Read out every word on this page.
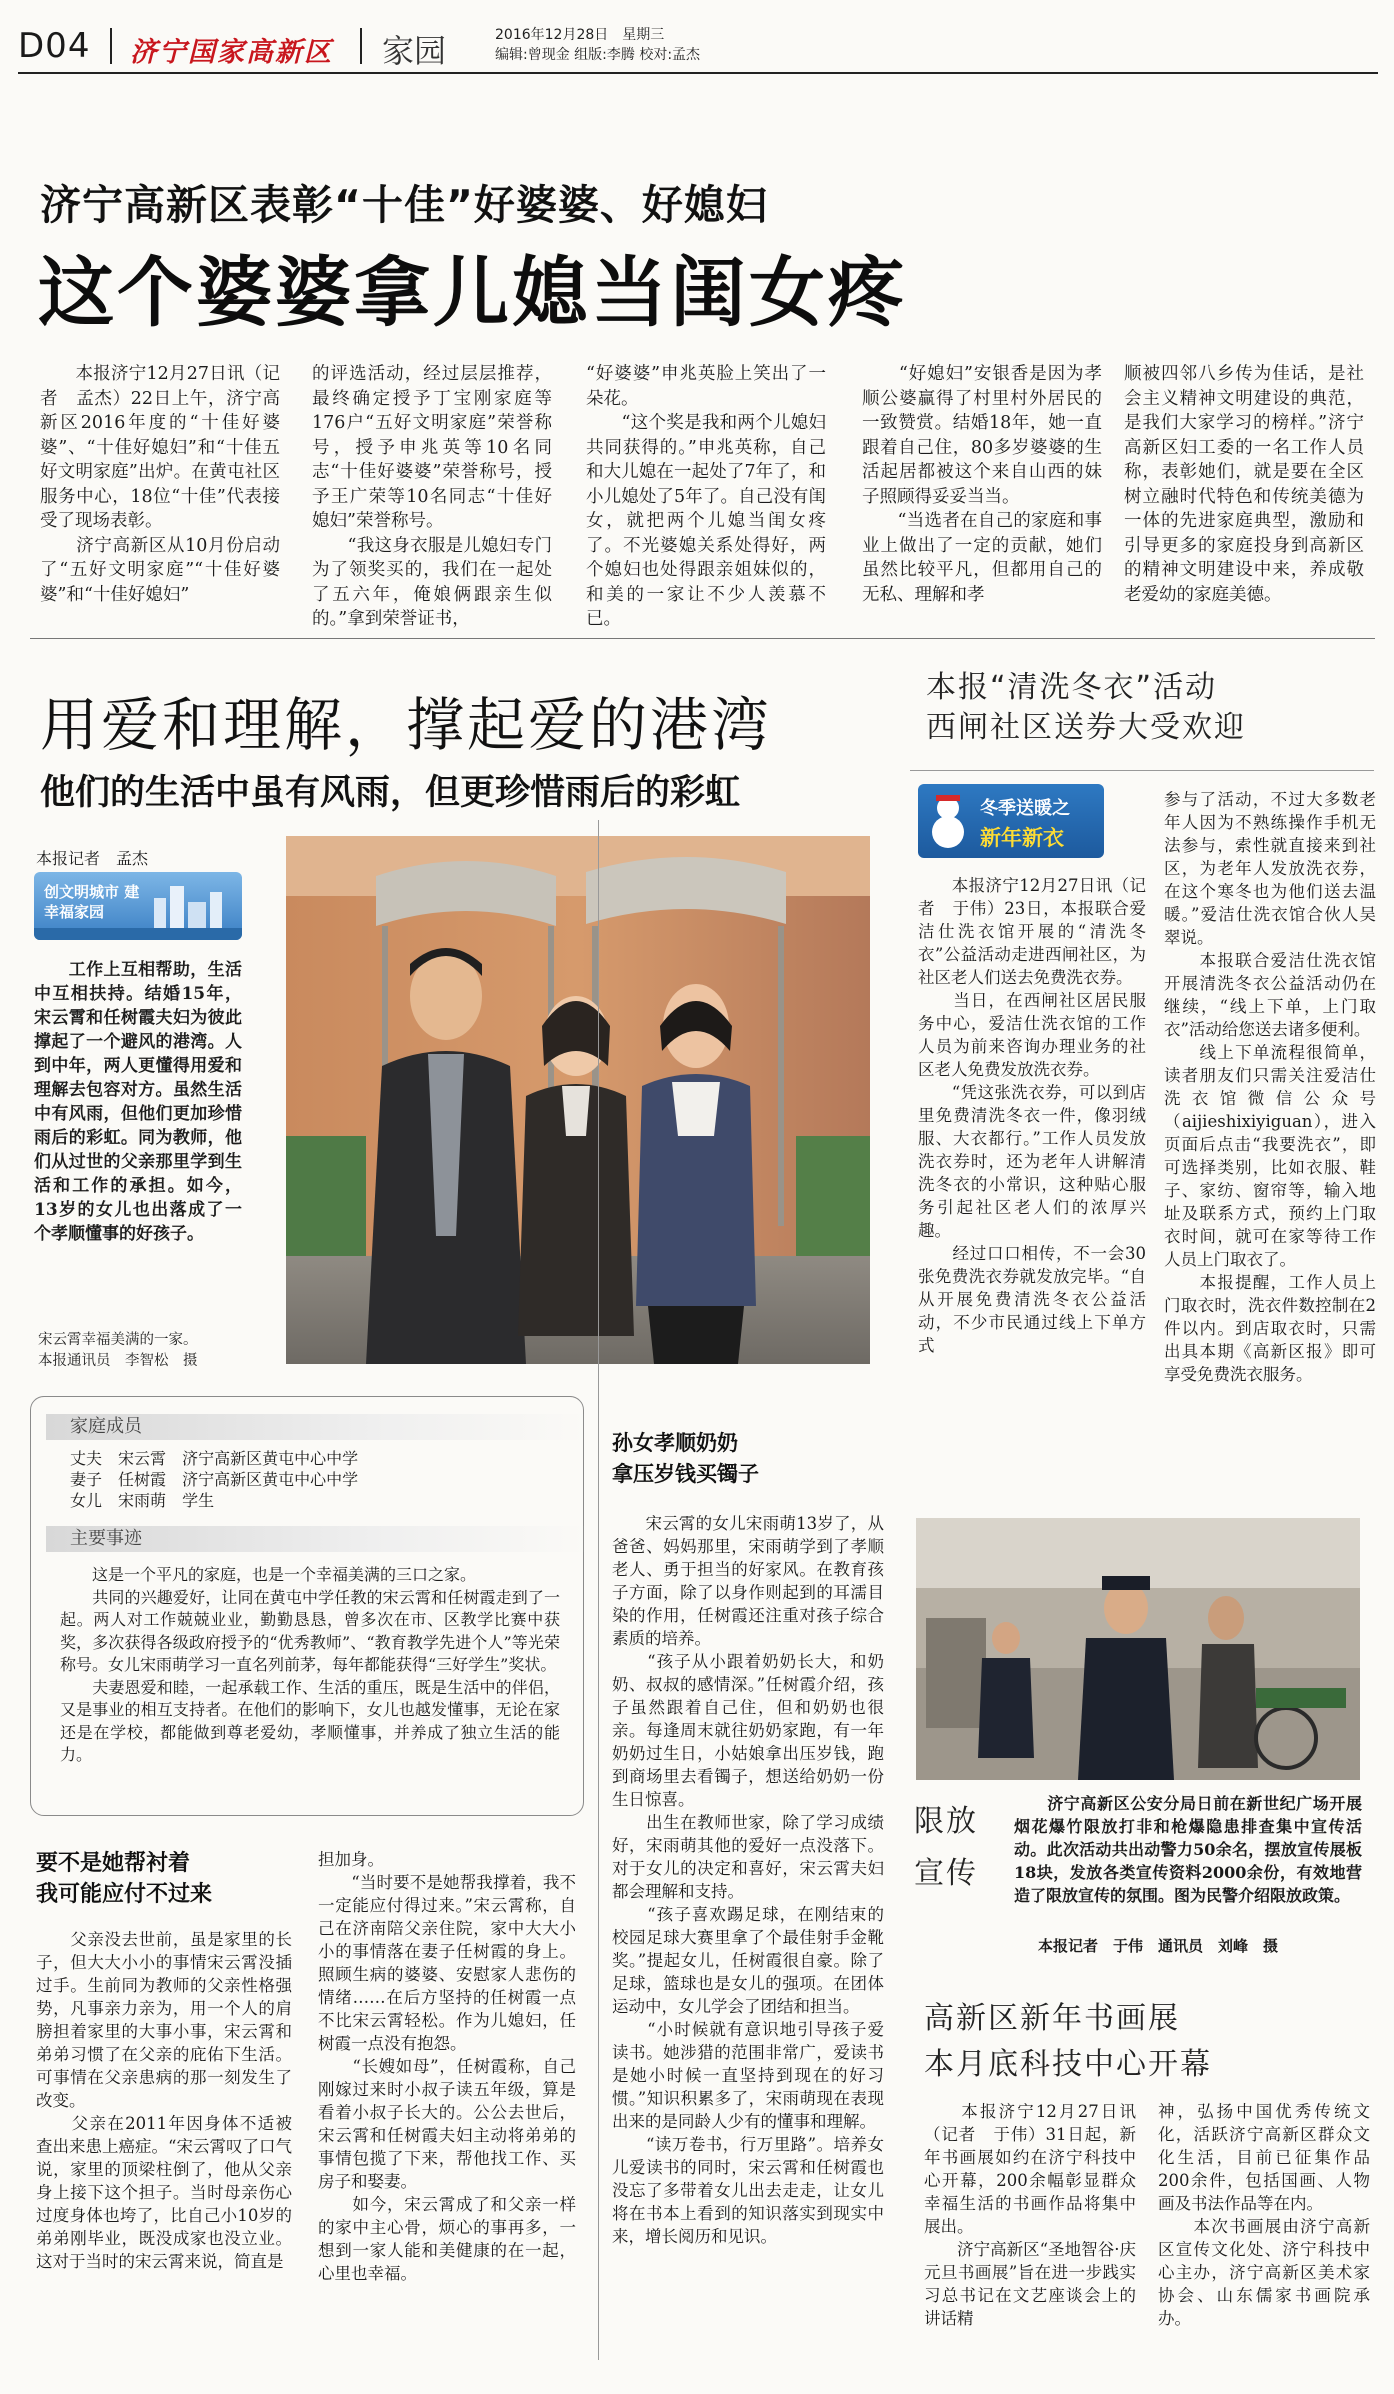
D04 济宁国家高新区 家园	2016年12月28日　 星期三
编辑:曾现金 组版:李腾 校对:孟杰
济宁高新区表彰“十佳”好婆婆、好媳妇
这个婆婆拿儿媳当闺女疼
　　本报济宁12月27日讯（记者　孟杰）22日上午，济宁高新区2016年度的“十佳好婆婆”、“十佳好媳妇”和“十佳五好文明家庭”出炉。在黄屯社区服务中心，18位“十佳”代表接受了现场表彰。
　　济宁高新区从10月份启动了“五好文明家庭”“十佳好婆婆”和“十佳好媳妇”
的评选活动，经过层层推荐，最终确定授予丁宝刚家庭等176户“五好文明家庭”荣誉称号，授予申兆英等10名同志“十佳好婆婆”荣誉称号，授予王广荣等10名同志“十佳好媳妇”荣誉称号。
　　“我这身衣服是儿媳妇专门为了领奖买的，我们在一起处了五六年，俺娘俩跟亲生似的。”拿到荣誉证书，
“好婆婆”申兆英脸上笑出了一朵花。
　　“这个奖是我和两个儿媳妇共同获得的。”申兆英称，自己和大儿媳在一起处了7年了，和小儿媳处了5年了。自己没有闺女，就把两个儿媳当闺女疼了。不光婆媳关系处得好，两个媳妇也处得跟亲姐妹似的，和美的一家让不少人羡慕不已。
　　“好媳妇”安银香是因为孝顺公婆赢得了村里村外居民的一致赞赏。结婚18年，她一直跟着自己住，80多岁婆婆的生活起居都被这个来自山西的妹子照顾得妥妥当当。
　　“当选者在自己的家庭和事业上做出了一定的贡献，她们虽然比较平凡，但都用自己的无私、理解和孝
顺被四邻八乡传为佳话，是社会主义精神文明建设的典范，是我们大家学习的榜样。”济宁高新区妇工委的一名工作人员称，表彰她们，就是要在全区树立融时代特色和传统美德为一体的先进家庭典型，激励和引导更多的家庭投身到高新区的精神文明建设中来，养成敬老爱幼的家庭美德。
用爱和理解，撑起爱的港湾
他们的生活中虽有风雨，但更珍惜雨后的彩虹
本报记者　孟杰
创文明城市 建幸福家园
　　工作上互相帮助，生活中互相扶持。结婚15年，宋云霄和任树霞夫妇为彼此撑起了一个避风的港湾。人到中年，两人更懂得用爱和理解去包容对方。虽然生活中有风雨，但他们更加珍惜雨后的彩虹。同为教师，他们从过世的父亲那里学到生活和工作的承担。如今，13岁的女儿也出落成了一个孝顺懂事的好孩子。
宋云霄幸福美满的一家。
本报通讯员　李智松　摄
家庭成员
丈夫　 宋云霄　 济宁高新区黄屯中心中学
妻子　 任树霞　 济宁高新区黄屯中心中学
女儿　 宋雨萌　 学生
主要事迹
　　这是一个平凡的家庭，也是一个幸福美满的三口之家。
　　共同的兴趣爱好，让同在黄屯中学任教的宋云霄和任树霞走到了一起。两人对工作兢兢业业，勤勤恳恳，曾多次在市、区教学比赛中获奖，多次获得各级政府授予的“优秀教师”、“教育教学先进个人”等光荣称号。女儿宋雨萌学习一直名列前茅，每年都能获得“三好学生”奖状。
　　夫妻恩爱和睦，一起承载工作、生活的重压，既是生活中的伴侣，又是事业的相互支持者。在他们的影响下，女儿也越发懂事，无论在家还是在学校，都能做到尊老爱幼，孝顺懂事，并养成了独立生活的能力。
要不是她帮衬着
我可能应付不过来
　　父亲没去世前，虽是家里的长子，但大大小小的事情宋云霄没插过手。生前同为教师的父亲性格强势，凡事亲力亲为，用一个人的肩膀担着家里的大事小事，宋云霄和弟弟习惯了在父亲的庇佑下生活。可事情在父亲患病的那一刻发生了改变。
　　父亲在2011年因身体不适被查出来患上癌症。“宋云霄叹了口气说，家里的顶梁柱倒了，他从父亲身上接下这个担子。当时母亲伤心过度身体也垮了，比自己小10岁的弟弟刚毕业，既没成家也没立业。这对于当时的宋云霄来说，简直是
担加身。
　　“当时要不是她帮我撑着，我不一定能应付得过来。”宋云霄称，自己在济南陪父亲住院，家中大大小小的事情落在妻子任树霞的身上。照顾生病的婆婆、安慰家人悲伤的情绪……在后方坚持的任树霞一点不比宋云霄轻松。作为儿媳妇，任树霞一点没有抱怨。
　　“长嫂如母”，任树霞称，自己刚嫁过来时小叔子读五年级，算是看着小叔子长大的。公公去世后，宋云霄和任树霞夫妇主动将弟弟的事情包揽了下来，帮他找工作、买房子和娶妻。
　　如今，宋云霄成了和父亲一样的家中主心骨，烦心的事再多，一想到一家人能和美健康的在一起，心里也幸福。
孙女孝顺奶奶
拿压岁钱买镯子
　　宋云霄的女儿宋雨萌13岁了，从爸爸、妈妈那里，宋雨萌学到了孝顺老人、勇于担当的好家风。在教育孩子方面，除了以身作则起到的耳濡目染的作用，任树霞还注重对孩子综合素质的培养。
　　“孩子从小跟着奶奶长大，和奶奶、叔叔的感情深。”任树霞介绍，孩子虽然跟着自己住，但和奶奶也很亲。每逢周末就往奶奶家跑，有一年奶奶过生日，小姑娘拿出压岁钱，跑到商场里去看镯子，想送给奶奶一份生日惊喜。
　　出生在教师世家，除了学习成绩好，宋雨萌其他的爱好一点没落下。对于女儿的决定和喜好，宋云霄夫妇都会理解和支持。
　　“孩子喜欢踢足球，在刚结束的校园足球大赛里拿了个最佳射手金靴奖。”提起女儿，任树霞很自豪。除了足球，篮球也是女儿的强项。在团体运动中，女儿学会了团结和担当。
　　“小时候就有意识地引导孩子爱读书。她涉猎的范围非常广，爱读书是她小时候一直坚持到现在的好习惯。”知识积累多了，宋雨萌现在表现出来的是同龄人少有的懂事和理解。
　　“读万卷书，行万里路”。培养女儿爱读书的同时，宋云霄和任树霞也没忘了多带着女儿出去走走，让女儿将在书本上看到的知识落实到现实中来，增长阅历和见识。
本报“清洗冬衣”活动
西闸社区送券大受欢迎
冬季送暖之
新年新衣
　　本报济宁12月27日讯（记者　于伟）23日，本报联合爱洁仕洗衣馆开展的“清洗冬衣”公益活动走进西闸社区，为社区老人们送去免费洗衣券。
　　当日，在西闸社区居民服务中心，爱洁仕洗衣馆的工作人员为前来咨询办理业务的社区老人免费发放洗衣券。
　　“凭这张洗衣券，可以到店里免费清洗冬衣一件，像羽绒服、大衣都行。”工作人员发放洗衣券时，还为老年人讲解清洗冬衣的小常识，这种贴心服务引起社区老人们的浓厚兴趣。
　　经过口口相传，不一会30张免费洗衣券就发放完毕。“自从开展免费清洗冬衣公益活动，不少市民通过线上下单方式
参与了活动，不过大多数老年人因为不熟练操作手机无法参与，索性就直接来到社区，为老年人发放洗衣券，在这个寒冬也为他们送去温暖。”爱洁仕洗衣馆合伙人吴翠说。
　　本报联合爱洁仕洗衣馆开展清洗冬衣公益活动仍在继续，“线上下单，上门取衣”活动给您送去诸多便利。
　　线上下单流程很简单，读者朋友们只需关注爱洁仕洗衣馆微信公众号（aijieshixiyiguan），进入页面后点击“我要洗衣”，即可选择类别，比如衣服、鞋子、家纺、窗帘等，输入地址及联系方式，预约上门取衣时间，就可在家等待工作人员上门取衣了。
　　本报提醒，工作人员上门取衣时，洗衣件数控制在2件以内。到店取衣时，只需出具本期《高新区报》即可享受免费洗衣服务。
限放
宣传
　　济宁高新区公安分局日前在新世纪广场开展烟花爆竹限放打非和枪爆隐患排查集中宣传活动。此次活动共出动警力50余名，摆放宣传展板18块，发放各类宣传资料2000余份，有效地营造了限放宣传的氛围。图为民警介绍限放政策。
本报记者　于伟　通讯员　刘峰　摄
高新区新年书画展
本月底科技中心开幕
　　本报济宁12月27日讯（记者　于伟）31日起，新年书画展如约在济宁科技中心开幕，200余幅彰显群众幸福生活的书画作品将集中展出。
　　济宁高新区“圣地智谷·庆元旦书画展”旨在进一步践实习总书记在文艺座谈会上的讲话精
神，弘扬中国优秀传统文化，活跃济宁高新区群众文化生活，目前已征集作品200余件，包括国画、人物画及书法作品等在内。
　　本次书画展由济宁高新区宣传文化处、济宁科技中心主办，济宁高新区美术家协会、山东儒家书画院承办。
